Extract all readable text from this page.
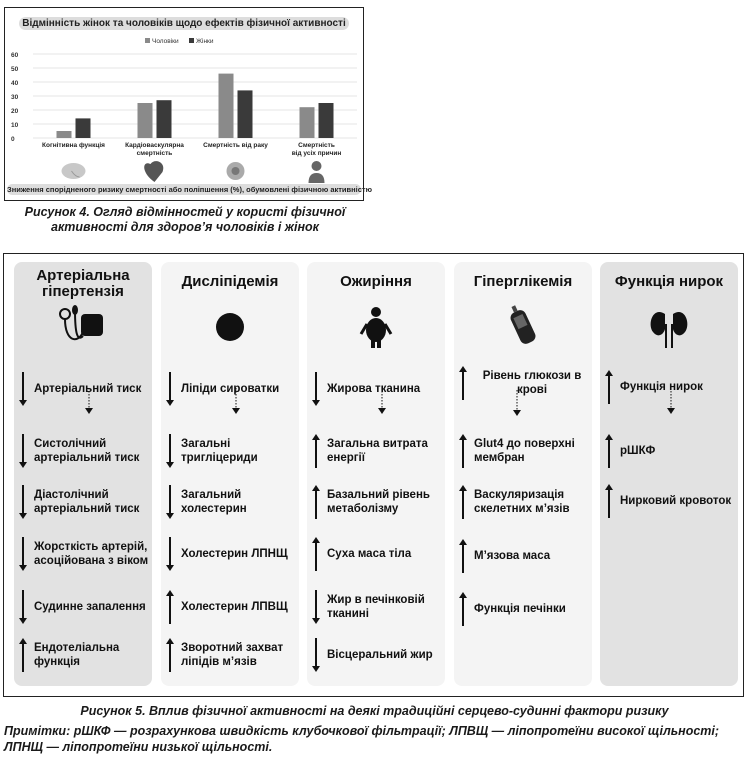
0
10
20
30
40
50
60
Чоловіки	Жінки
Когнітивна функція	Кардіоваскулярна
смертність
Смертність від раку	Смертність
від усіх причин
Відмінність жінок та чоловіків щодо ефектів фізичної активності
Зниження спорідненого ризику смертності або поліпшення (%), обумовлені фізичною активністю
Рисунок 4. Огляд відмінностей у користі фізичної
активності для здоров’я чоловіків і жінок
Артеріальна
гіпертензія
Артеріальний тиск
Систолічний артеріальний тиск
Діастолічний артеріальний тиск
Жорсткість артерій, асоційована з віком
Судинне запалення
Ендотеліальна функція
Дисліпідемія
Ліпіди сироватки
Загальні тригліцериди
Загальний холестерин
Холестерин ЛПНЩ
Холестерин ЛПВЩ
Зворотний захват ліпідів м’язів
Ожиріння
Жирова тканина
Загальна витрата енергії
Базальний рівень метаболізму
Суха маса тіла
Жир в печінковій тканині
Вісцеральний жир
Гіперглікемія
Рівень глюкози в крові
Glut4 до поверхні мембран
Васкуляризація скелетних м’язів
М’язова маса
Функція печінки
Функція нирок
Функція нирок
рШКФ
Нирковий кровоток
Рисунок 5. Вплив фізичної активності на деякі традиційні серцево-судинні фактори ризику
Примітки: рШКФ — розрахункова швидкість клубочкової фільтрації; ЛПВЩ — ліпопротеїни високої щільності; ЛПНЩ — ліпопротеїни низької щільності.
